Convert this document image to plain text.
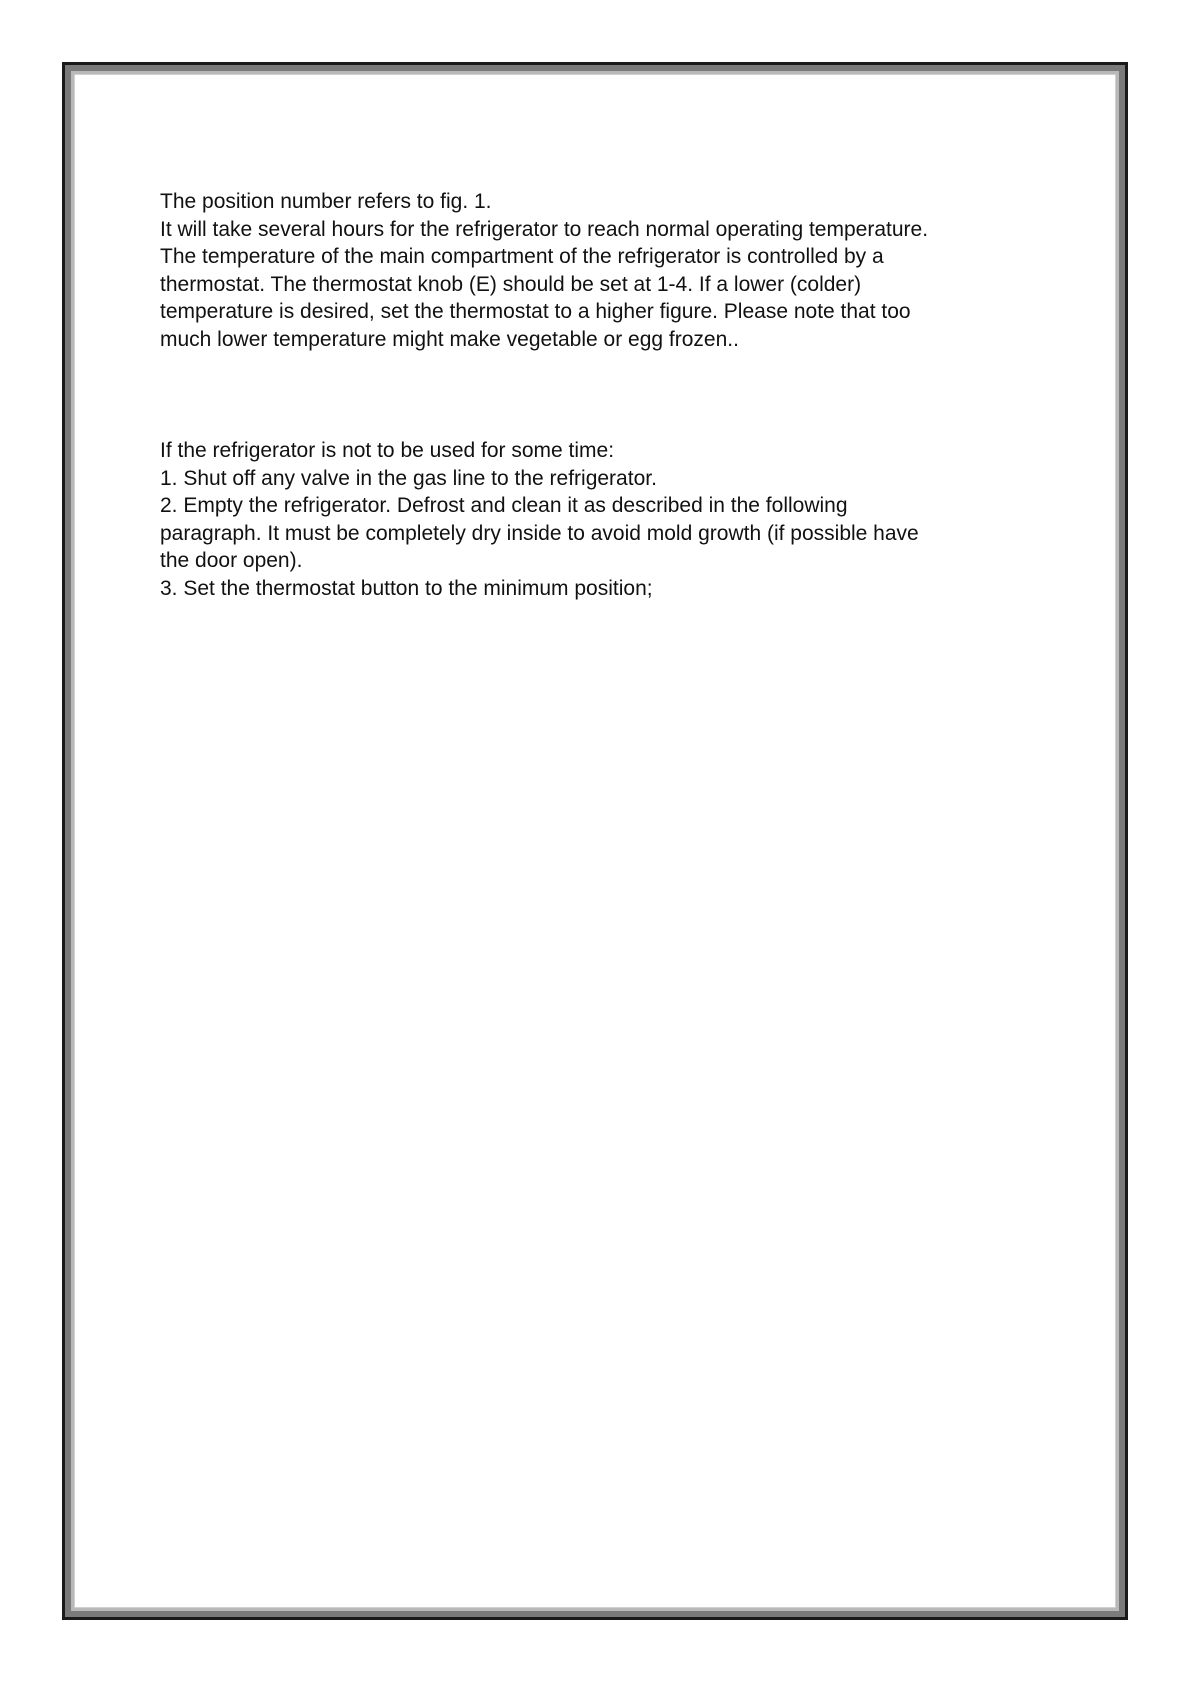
The position number refers to fig. 1.
It will take several hours for the refrigerator to reach normal operating temperature.
The temperature of the main compartment of the refrigerator is controlled by a
thermostat. The thermostat knob (E) should be set at 1-4. If a lower (colder)
temperature is desired, set the thermostat to a higher figure. Please note that too
much lower temperature might make vegetable or egg frozen..
If the refrigerator is not to be used for some time:
1. Shut off any valve in the gas line to the refrigerator.
2. Empty the refrigerator. Defrost and clean it as described in the following
paragraph. It must be completely dry inside to avoid mold growth (if possible have
the door open).
3. Set the thermostat button to the minimum position;
